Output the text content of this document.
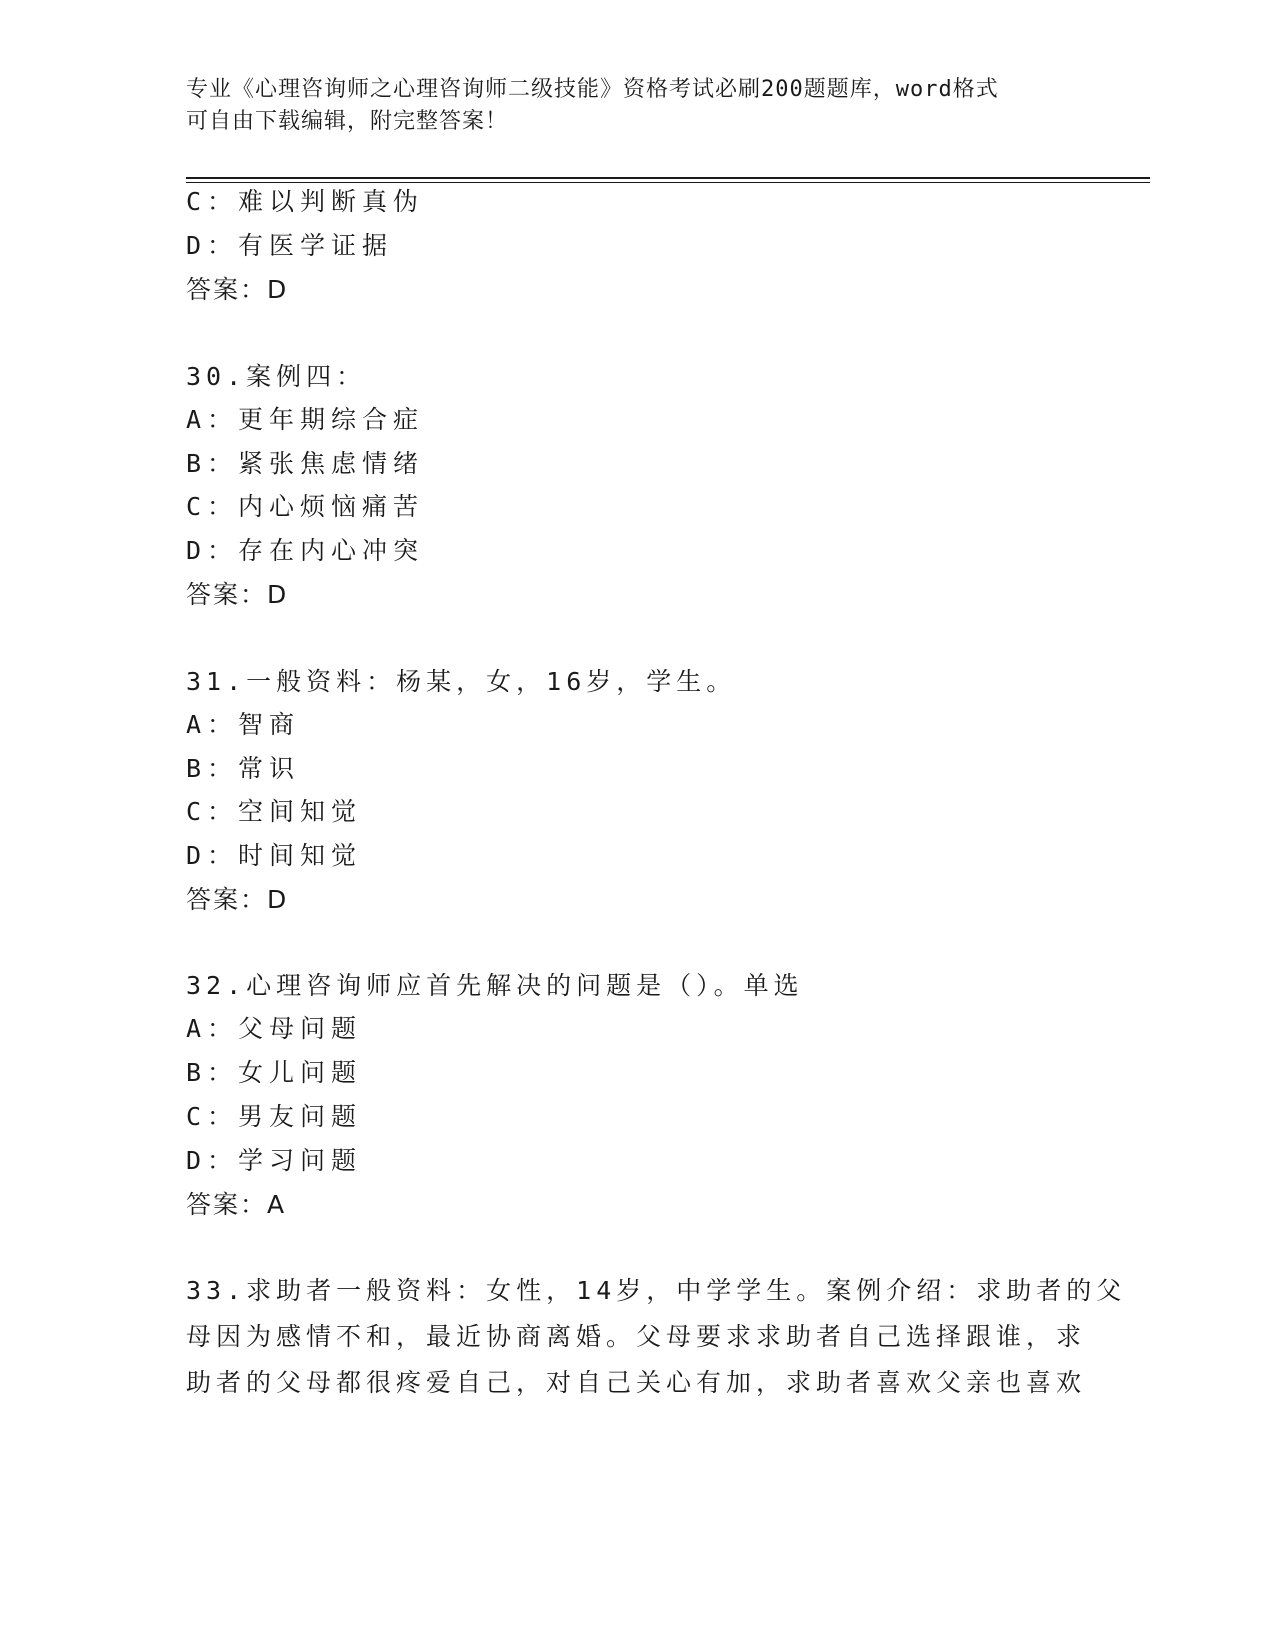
专业《心理咨询师之心理咨询师二级技能》资格考试必刷200题题库，word格式
可自由下载编辑，附完整答案！
C：难以判断真伪
D：有医学证据
答案：D
30.案例四：
A：更年期综合症
B：紧张焦虑情绪
C：内心烦恼痛苦
D：存在内心冲突
答案：D
31.一般资料：杨某，女，16岁，学生。
A：智商
B：常识
C：空间知觉
D：时间知觉
答案：D
32.心理咨询师应首先解决的问题是（）。单选
A：父母问题
B：女儿问题
C：男友问题
D：学习问题
答案：A
33.求助者一般资料：女性，14岁，中学学生。案例介绍：求助者的父
母因为感情不和，最近协商离婚。父母要求求助者自己选择跟谁，求
助者的父母都很疼爱自己，对自己关心有加，求助者喜欢父亲也喜欢
